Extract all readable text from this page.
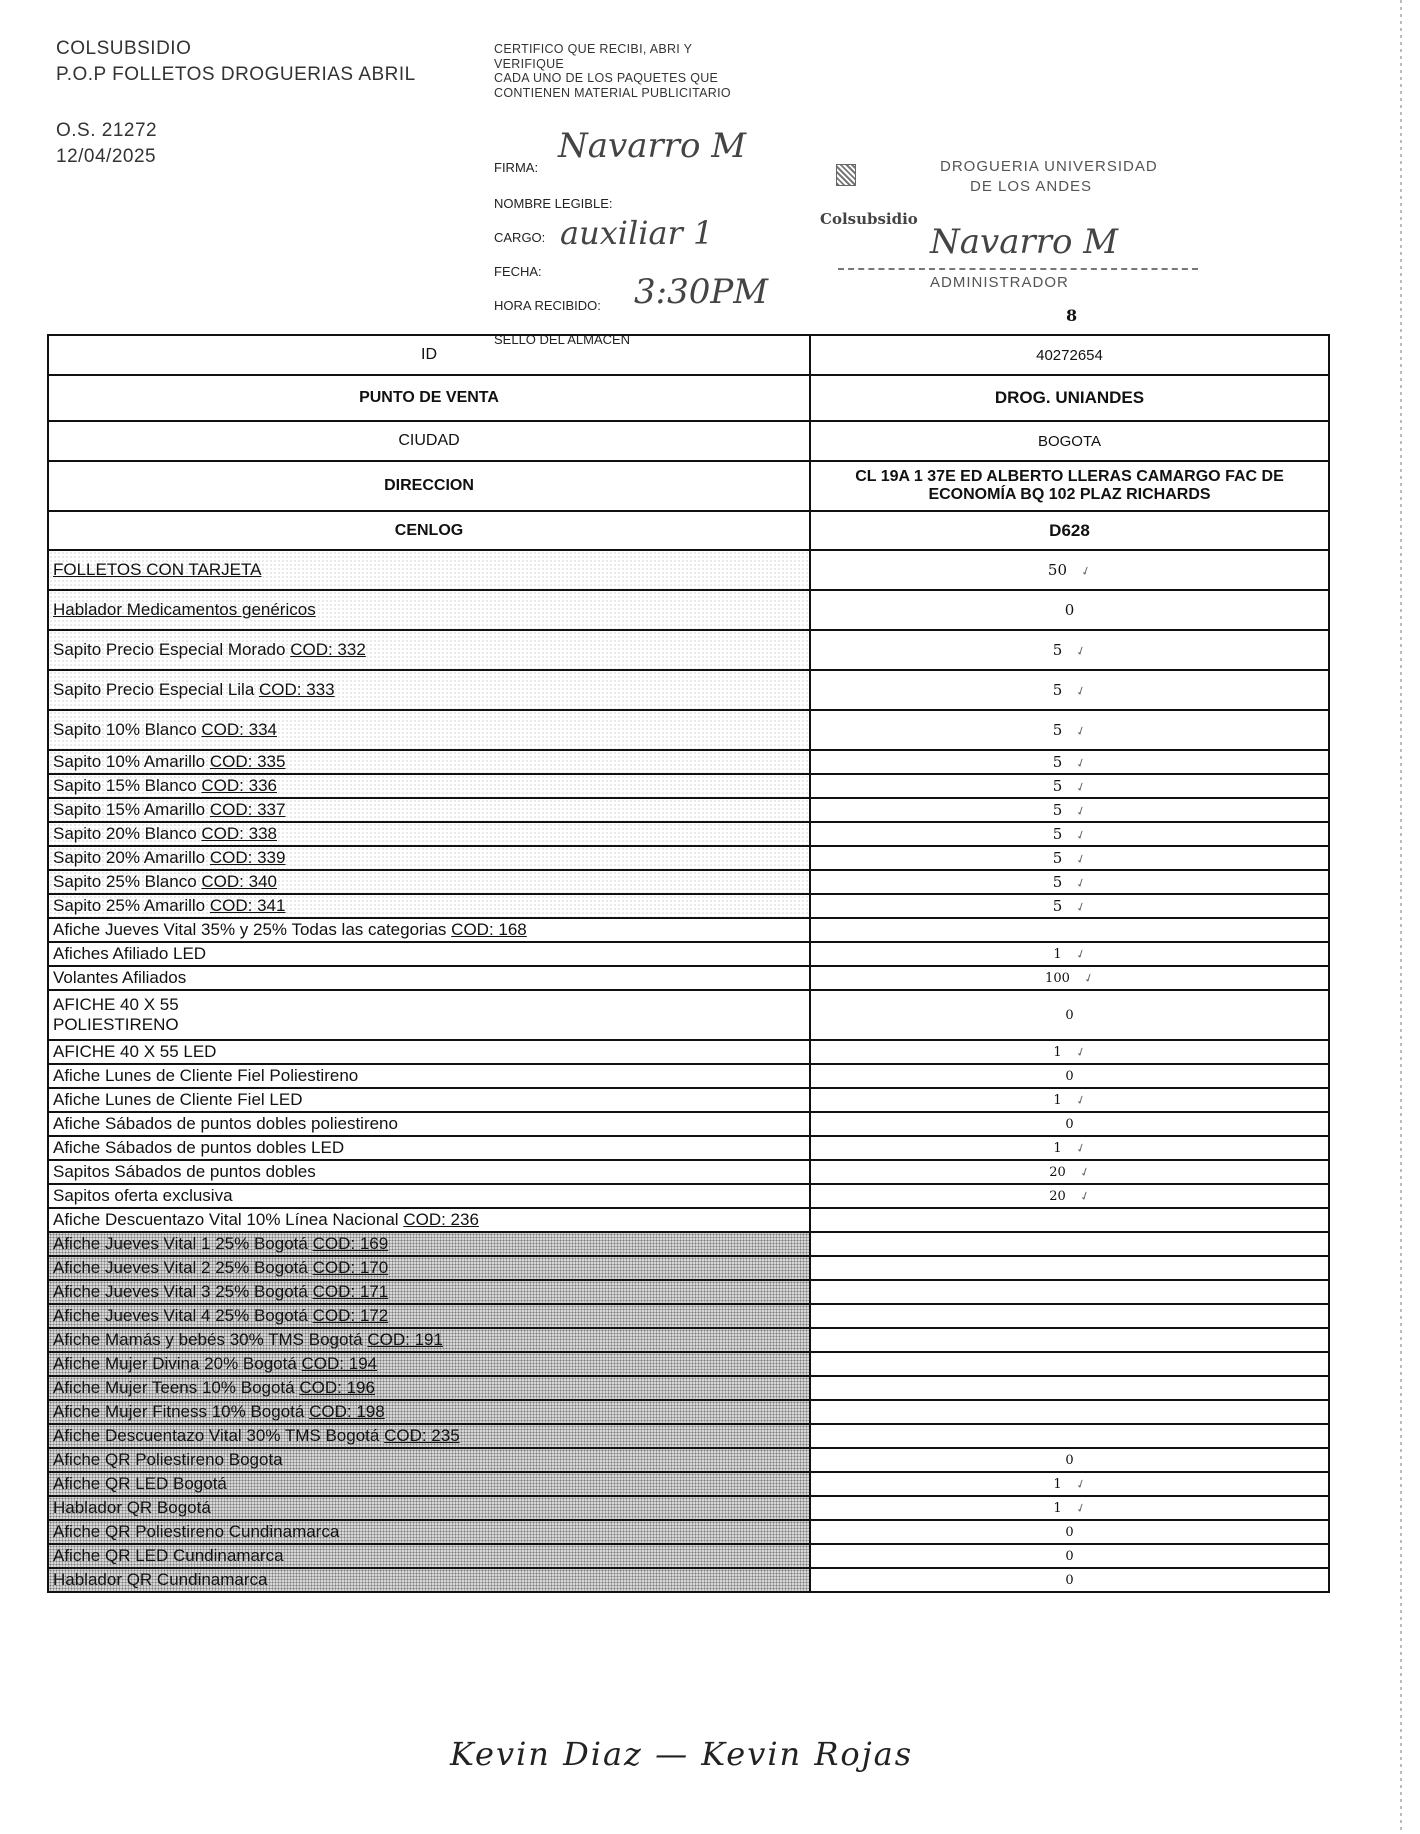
COLSUBSIDIO
P.O.P FOLLETOS DROGUERIAS ABRIL
O.S. 21272
12/04/2025
CERTIFICO QUE RECIBI, ABRI Y
VERIFIQUE
CADA UNO DE LOS PAQUETES QUE
CONTIENEN MATERIAL PUBLICITARIO
FIRMA:
Navarro M
NOMBRE LEGIBLE:
CARGO: auxiliar 1
FECHA:
HORA RECIBIDO: 3:30PM
SELLO DEL ALMACEN
DROGUERIA UNIVERSIDAD
DE LOS ANDES
Colsubsidio
Navarro M
ADMINISTRADOR
8
ID	40272654
PUNTO DE VENTA	DROG. UNIANDES
CIUDAD	BOGOTA
DIRECCION	CL 19A 1 37E ED ALBERTO LLERAS CAMARGO FAC DE ECONOMÍA BQ 102 PLAZ RICHARDS
CENLOG	D628
FOLLETOS CON TARJETA	50 ✓
Hablador Medicamentos genéricos	0
Sapito Precio Especial Morado COD: 332	5 ✓
Sapito Precio Especial Lila COD: 333	5 ✓
Sapito 10% Blanco COD: 334	5 ✓
Sapito 10% Amarillo COD: 335	5 ✓
Sapito 15% Blanco COD: 336	5 ✓
Sapito 15% Amarillo COD: 337	5 ✓
Sapito 20% Blanco COD: 338	5 ✓
Sapito 20% Amarillo COD: 339	5 ✓
Sapito 25% Blanco COD: 340	5 ✓
Sapito 25% Amarillo COD: 341	5 ✓
Afiche Jueves Vital 35% y 25% Todas las categorias COD: 168	
Afiches Afiliado LED	1 ✓
Volantes Afiliados	100 ✓
AFICHE 40 X 55
POLIESTIRENO	0
AFICHE 40 X 55 LED	1 ✓
Afiche Lunes de Cliente Fiel Poliestireno	0
Afiche Lunes de Cliente Fiel LED	1 ✓
Afiche Sábados de puntos dobles poliestireno	0
Afiche Sábados de puntos dobles LED	1 ✓
Sapitos Sábados de puntos dobles	20 ✓
Sapitos oferta exclusiva	20 ✓
Afiche Descuentazo Vital 10% Línea Nacional COD: 236	
Afiche Jueves Vital 1 25% Bogotá COD: 169	
Afiche Jueves Vital 2 25% Bogotá COD: 170	
Afiche Jueves Vital 3 25% Bogotá COD: 171	
Afiche Jueves Vital 4 25% Bogotá COD: 172	
Afiche Mamás y bebés 30% TMS Bogotá COD: 191	
Afiche Mujer Divina 20% Bogotá COD: 194	
Afiche Mujer Teens 10% Bogotá COD: 196	
Afiche Mujer Fitness 10% Bogotá COD: 198	
Afiche Descuentazo Vital 30% TMS Bogotá COD: 235	
Afiche QR Poliestireno Bogota	0
Afiche QR LED Bogotá	1 ✓
Hablador QR Bogotá	1 ✓
Afiche QR Poliestireno Cundinamarca	0
Afiche QR LED Cundinamarca	0
Hablador QR Cundinamarca	0
Kevin Diaz — Kevin Rojas
